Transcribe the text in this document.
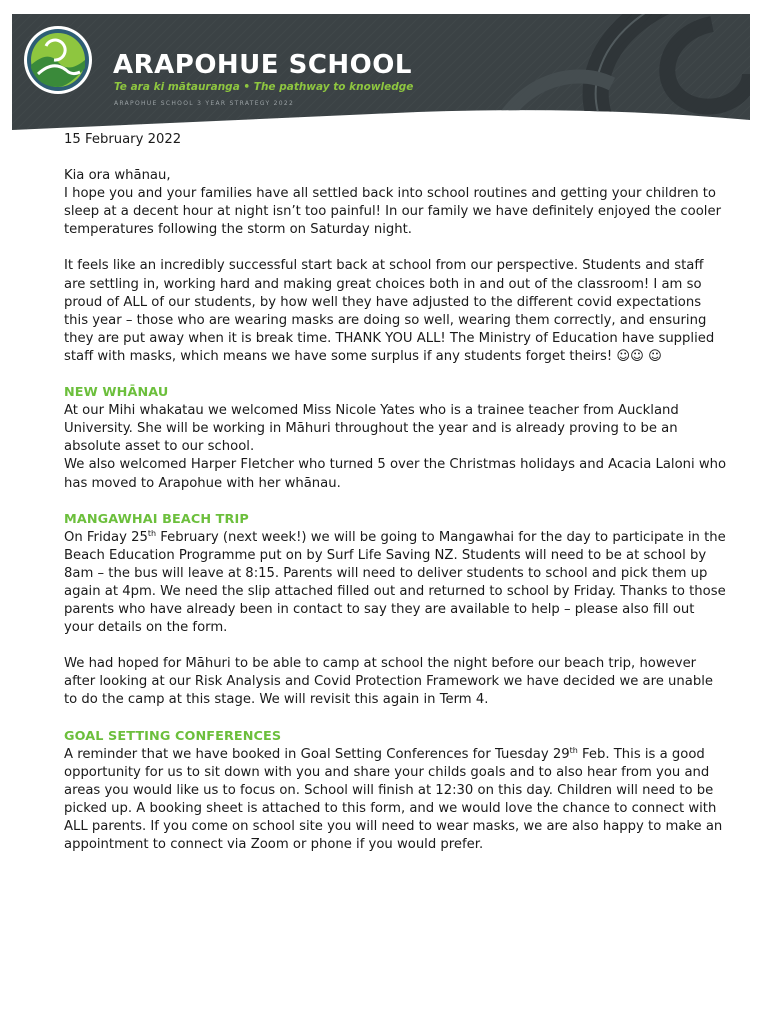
ARAPOHUE SCHOOL
Te ara ki mātauranga • The pathway to knowledge
ARAPOHUE SCHOOL 3 YEAR STRATEGY 2022

15 February 2022

Kia ora whānau,

I hope you and your families have all settled back into school routines and getting your children to sleep at a decent hour at night isn’t too painful! In our family we have definitely enjoyed the cooler temperatures following the storm on Saturday night.

It feels like an incredibly successful start back at school from our perspective. Students and staff are settling in, working hard and making great choices both in and out of the classroom! I am so proud of ALL of our students, by how well they have adjusted to the different covid expectations this year – those who are wearing masks are doing so well, wearing them correctly, and ensuring they are put away when it is break time. THANK YOU ALL! The Ministry of Education have supplied staff with masks, which means we have some surplus if any students forget theirs! ☺☺ ☺

NEW WHĀNAU

At our Mihi whakatau we welcomed Miss Nicole Yates who is a trainee teacher from Auckland University. She will be working in Māhuri throughout the year and is already proving to be an absolute asset to our school.

We also welcomed Harper Fletcher who turned 5 over the Christmas holidays and Acacia Laloni who has moved to Arapohue with her whānau.

MANGAWHAI BEACH TRIP

On Friday 25th February (next week!) we will be going to Mangawhai for the day to participate in the Beach Education Programme put on by Surf Life Saving NZ. Students will need to be at school by 8am – the bus will leave at 8:15. Parents will need to deliver students to school and pick them up again at 4pm. We need the slip attached filled out and returned to school by Friday. Thanks to those parents who have already been in contact to say they are available to help – please also fill out your details on the form.

We had hoped for Māhuri to be able to camp at school the night before our beach trip, however after looking at our Risk Analysis and Covid Protection Framework we have decided we are unable to do the camp at this stage. We will revisit this again in Term 4.

GOAL SETTING CONFERENCES

A reminder that we have booked in Goal Setting Conferences for Tuesday 29th Feb. This is a good opportunity for us to sit down with you and share your childs goals and to also hear from you and areas you would like us to focus on. School will finish at 12:30 on this day. Children will need to be picked up. A booking sheet is attached to this form, and we would love the chance to connect with ALL parents. If you come on school site you will need to wear masks, we are also happy to make an appointment to connect via Zoom or phone if you would prefer.
